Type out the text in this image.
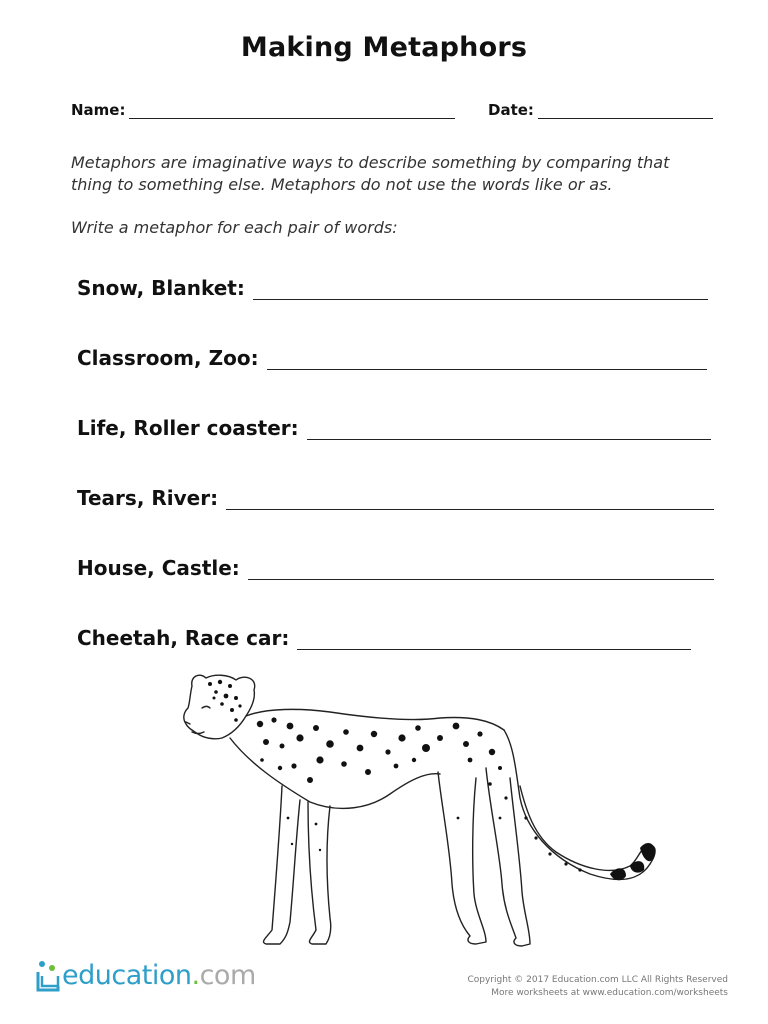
Making Metaphors
Name:	Date:
Metaphors are imaginative ways to describe something by comparing that thing to something else. Metaphors do not use the words like or as.
Write a metaphor for each pair of words:
Snow, Blanket:
Classroom, Zoo:
Life, Roller coaster:
Tears, River:
House, Castle:
Cheetah, Race car:
education.com	Copyright © 2017 Education.com LLC All Rights Reserved
More worksheets at www.education.com/worksheets
